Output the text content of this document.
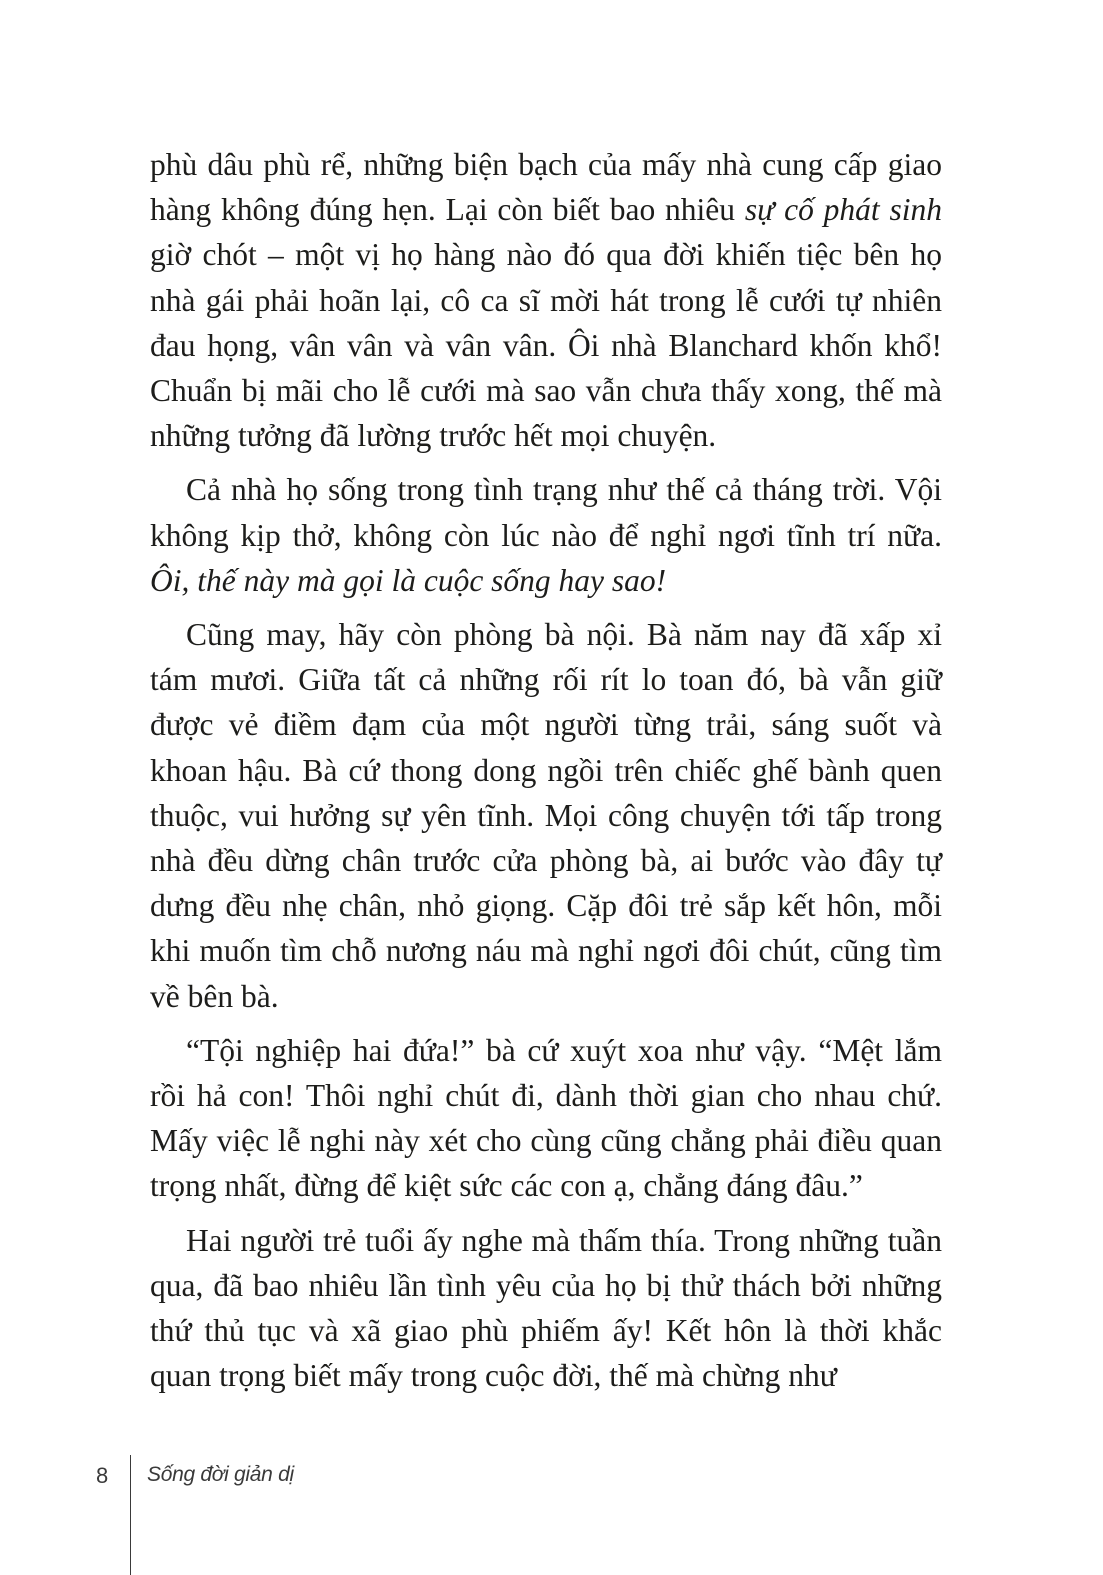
phù dâu phù rể, những biện bạch của mấy nhà cung cấp giao hàng không đúng hẹn. Lại còn biết bao nhiêu sự cố phát sinh giờ chót – một vị họ hàng nào đó qua đời khiến tiệc bên họ nhà gái phải hoãn lại, cô ca sĩ mời hát trong lễ cưới tự nhiên đau họng, vân vân và vân vân. Ôi nhà Blanchard khốn khổ! Chuẩn bị mãi cho lễ cưới mà sao vẫn chưa thấy xong, thế mà những tưởng đã lường trước hết mọi chuyện.

Cả nhà họ sống trong tình trạng như thế cả tháng trời. Vội không kịp thở, không còn lúc nào để nghỉ ngơi tĩnh trí nữa. Ôi, thế này mà gọi là cuộc sống hay sao!

Cũng may, hãy còn phòng bà nội. Bà năm nay đã xấp xỉ tám mươi. Giữa tất cả những rối rít lo toan đó, bà vẫn giữ được vẻ điềm đạm của một người từng trải, sáng suốt và khoan hậu. Bà cứ thong dong ngồi trên chiếc ghế bành quen thuộc, vui hưởng sự yên tĩnh. Mọi công chuyện tới tấp trong nhà đều dừng chân trước cửa phòng bà, ai bước vào đây tự dưng đều nhẹ chân, nhỏ giọng. Cặp đôi trẻ sắp kết hôn, mỗi khi muốn tìm chỗ nương náu mà nghỉ ngơi đôi chút, cũng tìm về bên bà.

“Tội nghiệp hai đứa!” bà cứ xuýt xoa như vậy. “Mệt lắm rồi hả con! Thôi nghỉ chút đi, dành thời gian cho nhau chứ. Mấy việc lễ nghi này xét cho cùng cũng chẳng phải điều quan trọng nhất, đừng để kiệt sức các con ạ, chẳng đáng đâu.”

Hai người trẻ tuổi ấy nghe mà thấm thía. Trong những tuần qua, đã bao nhiêu lần tình yêu của họ bị thử thách bởi những thứ thủ tục và xã giao phù phiếm ấy! Kết hôn là thời khắc quan trọng biết mấy trong cuộc đời, thế mà chừng như

8 Sống đời giản dị
